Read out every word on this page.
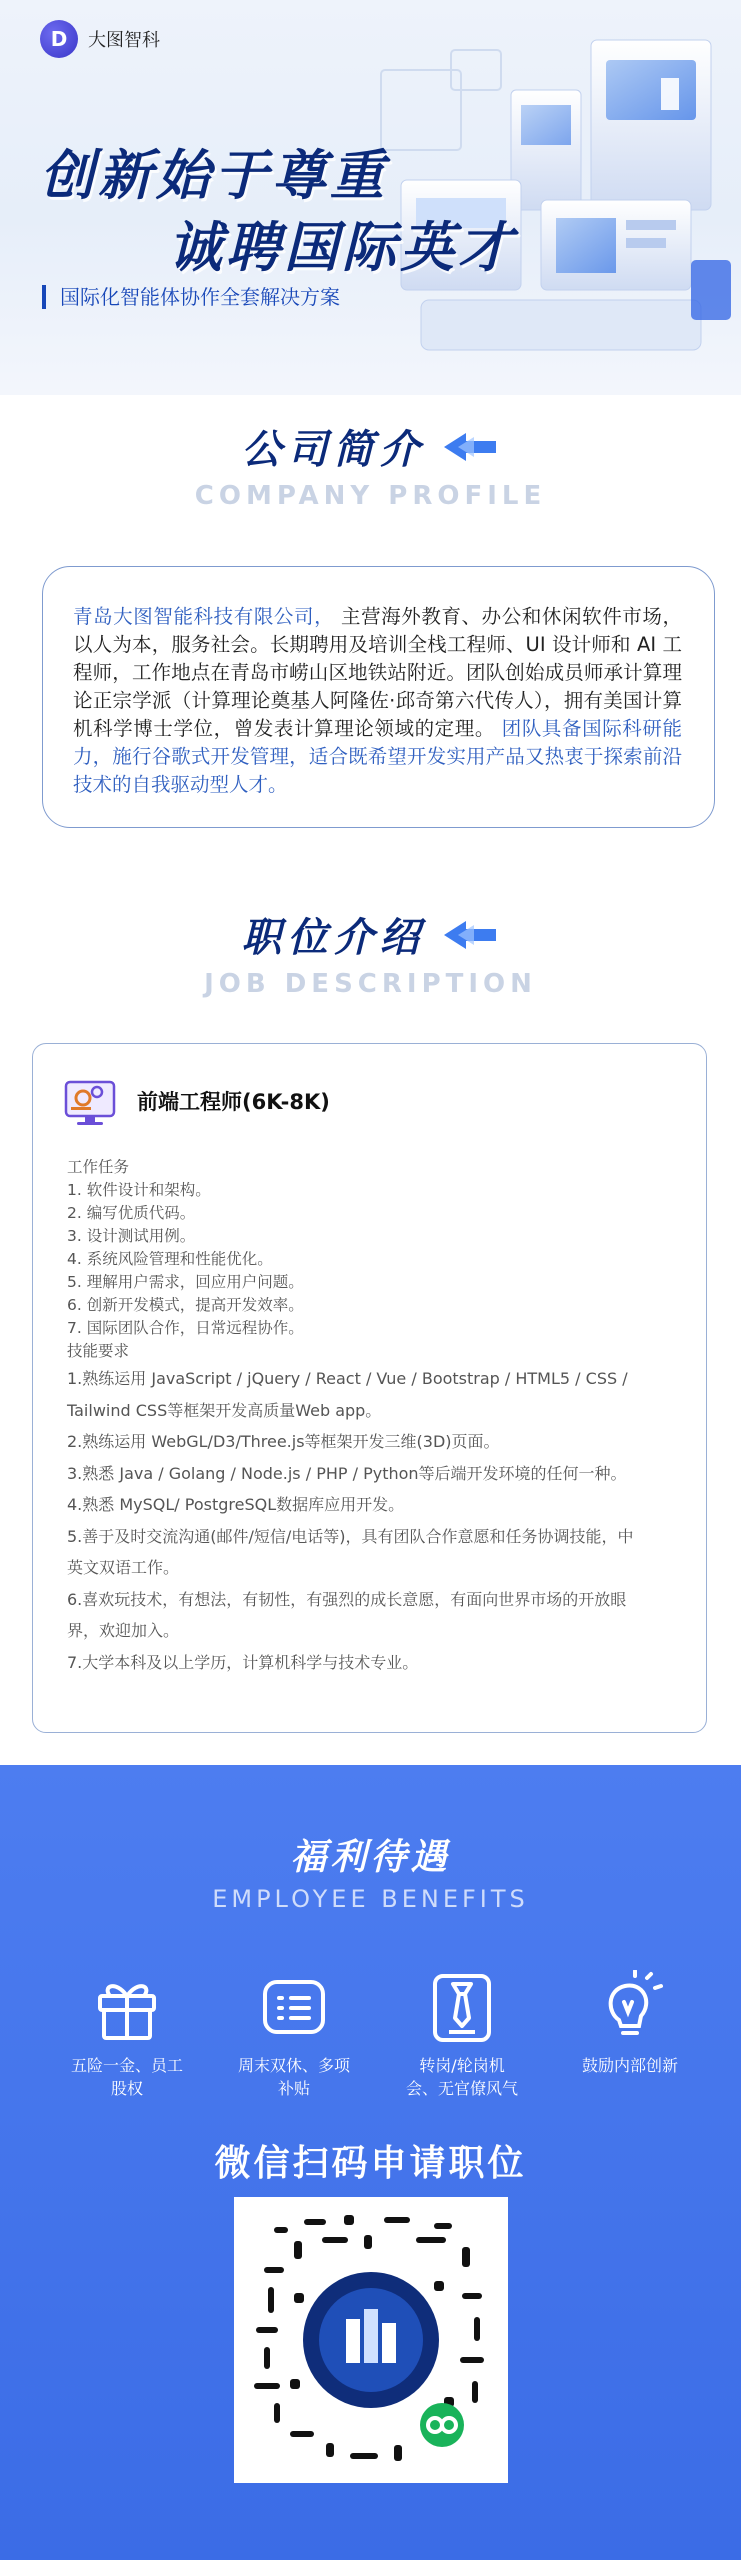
D	大图智科
创新始于尊重
诚聘国际英才
国际化智能体协作全套解决方案
公司简介
COMPANY PROFILE
青岛大图智能科技有限公司， 主营海外教育、办公和休闲软件市场，以人为本，服务社会。长期聘用及培训全栈工程师、UI 设计师和 AI 工程师，工作地点在青岛市崂山区地铁站附近。团队创始成员师承计算理论正宗学派（计算理论奠基人阿隆佐·邱奇第六代传人），拥有美国计算机科学博士学位，曾发表计算理论领域的定理。 团队具备国际科研能力，施行谷歌式开发管理，适合既希望开发实用产品又热衷于探索前沿技术的自我驱动型人才。
职位介绍
JOB DESCRIPTION
前端工程师(6K-8K)
工作任务
1. 软件设计和架构。
2. 编写优质代码。
3. 设计测试用例。
4. 系统风险管理和性能优化。
5. 理解用户需求，回应用户问题。
6. 创新开发模式，提高开发效率。
7. 国际团队合作，日常远程协作。
技能要求
1.熟练运用 JavaScript / jQuery / React / Vue / Bootstrap / HTML5 / CSS /
Tailwind CSS等框架开发高质量Web app。
2.熟练运用 WebGL/D3/Three.js等框架开发三维(3D)页面。
3.熟悉 Java / Golang / Node.js / PHP / Python等后端开发环境的任何一种。
4.熟悉 MySQL/ PostgreSQL数据库应用开发。
5.善于及时交流沟通(邮件/短信/电话等)，具有团队合作意愿和任务协调技能，中
英文双语工作。
6.喜欢玩技术，有想法，有韧性，有强烈的成长意愿，有面向世界市场的开放眼
界，欢迎加入。
7.大学本科及以上学历，计算机科学与技术专业。
福利待遇
EMPLOYEE BENEFITS
五险一金、员工
股权
周末双休、多项
补贴
转岗/轮岗机
会、无官僚风气
鼓励内部创新
微信扫码申请职位
